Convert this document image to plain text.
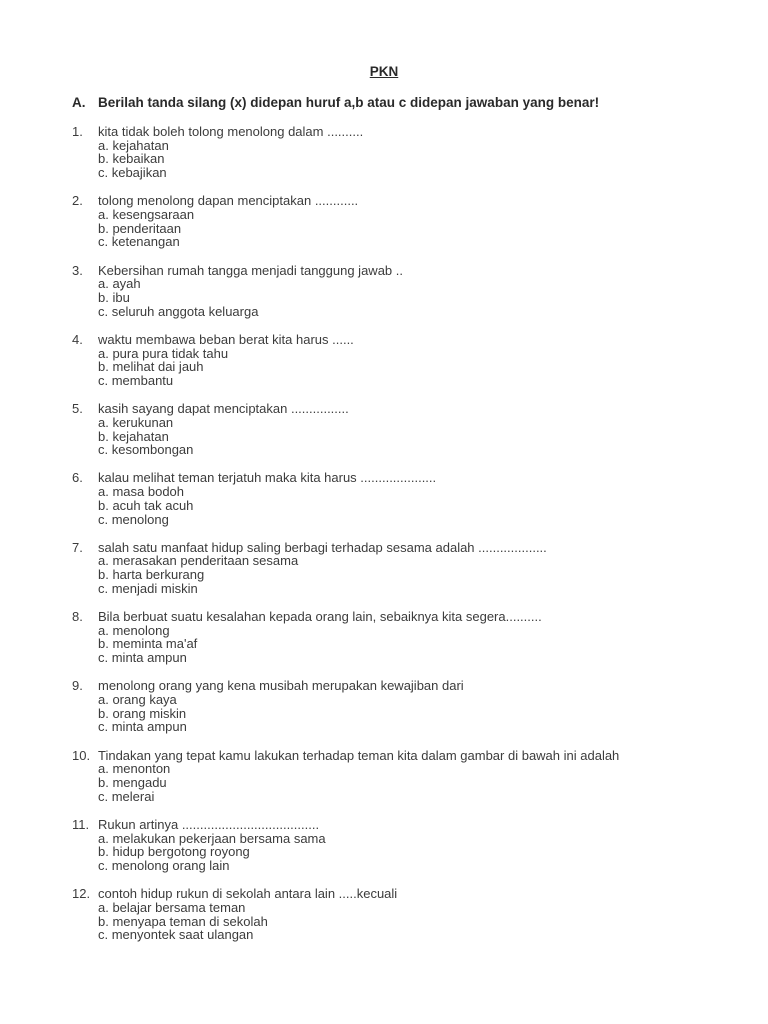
PKN
A. Berilah tanda silang (x) didepan huruf a,b atau c didepan jawaban yang benar!
1.	kita tidak boleh tolong menolong dalam ..........
a. kejahatan
b. kebaikan
c. kebajikan
2.	tolong menolong dapan menciptakan ............
a. kesengsaraan
b. penderitaan
c. ketenangan
3.	Kebersihan rumah tangga menjadi tanggung jawab ..
a. ayah
b. ibu
c. seluruh anggota keluarga
4.	waktu membawa beban berat kita harus ......
a. pura pura tidak tahu
b. melihat dai jauh
c. membantu
5.	kasih sayang dapat menciptakan ................
a. kerukunan
b. kejahatan
c. kesombongan
6.	kalau melihat teman terjatuh maka kita harus .....................
a. masa bodoh
b. acuh tak acuh
c. menolong
7.	salah satu manfaat hidup saling berbagi terhadap sesama adalah ...................
a. merasakan penderitaan sesama
b. harta berkurang
c. menjadi miskin
8.	Bila berbuat suatu kesalahan kepada orang lain, sebaiknya kita segera..........
a. menolong
b. meminta ma'af
c. minta ampun
9.	menolong orang yang kena musibah merupakan kewajiban dari
a. orang kaya
b. orang miskin
c. minta ampun
10. Tindakan yang tepat kamu lakukan terhadap teman kita dalam gambar di bawah ini adalah
a. menonton
b. mengadu
c. melerai
11. Rukun artinya ......................................
a. melakukan pekerjaan bersama sama
b. hidup bergotong royong
c. menolong orang lain
12. contoh hidup rukun di sekolah antara lain .....kecuali
a. belajar bersama teman
b. menyapa teman di sekolah
c. menyontek saat ulangan
